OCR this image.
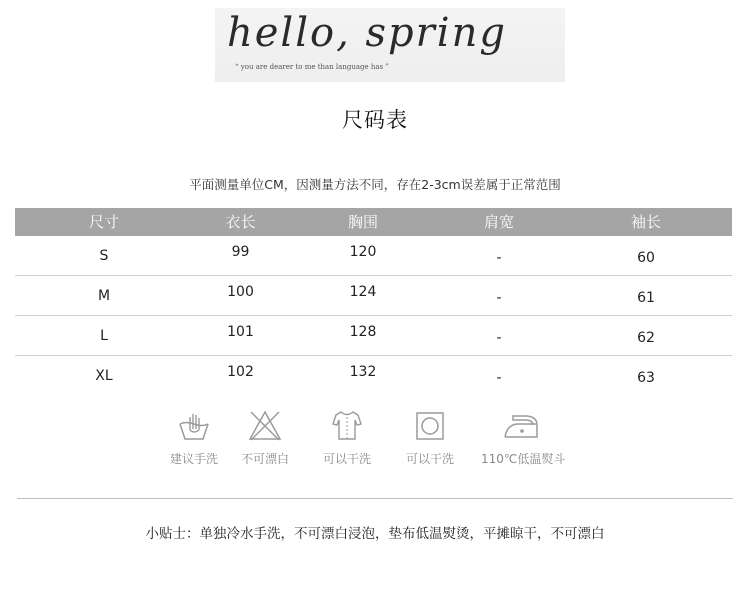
hello, spring
“ you are dearer to me than language has ”
尺码表
平面测量单位CM，因测量方法不同，存在2-3cm误差属于正常范围
尺寸	衣长	胸围	肩宽	袖长
S	99	120	-	60
M	100	124	-	61
L	101	128	-	62
XL	102	132	-	63
建议手洗	不可漂白	可以干洗	可以干洗	110℃低温熨斗
小贴士：单独冷水手洗，不可漂白浸泡，垫布低温熨烫，平摊晾干，不可漂白
